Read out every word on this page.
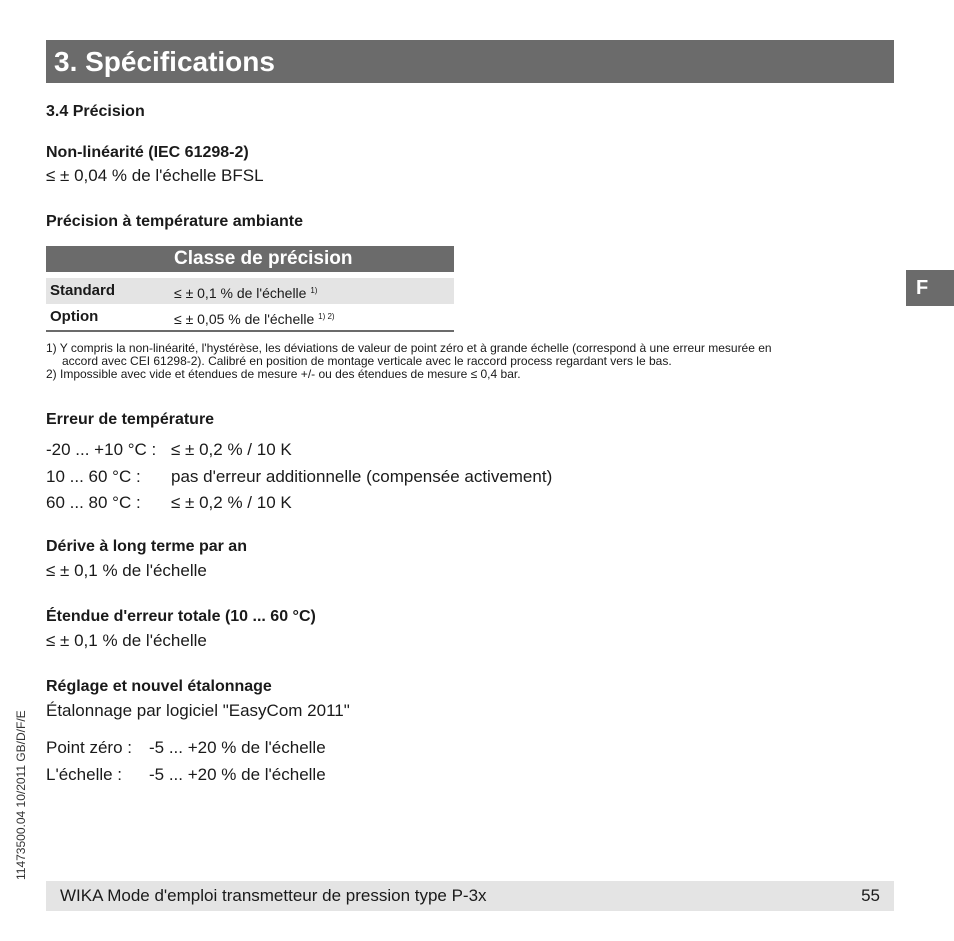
3. Spécifications
F
3.4 Précision
Non-linéarité (IEC 61298-2)
≤ ± 0,04 % de l'échelle BFSL
Précision à température ambiante
Classe de précision
Standard	≤ ± 0,1 % de l'échelle $^{1)}$
Option	≤ ± 0,05 % de l'échelle $^{1) 2)}$
1) Y compris la non-linéarité, l'hystérèse, les déviations de valeur de point zéro et à grande échelle (correspond à une erreur mesurée en
accord avec CEI 61298-2). Calibré en position de montage verticale avec le raccord process regardant vers le bas.
2) Impossible avec vide et étendues de mesure +/- ou des étendues de mesure ≤ 0,4 bar.
Erreur de température
-20 ... +10 °C : ≤ ± 0,2 % / 10 K
10 ... 60 °C : pas d'erreur additionnelle (compensée activement)
60 ... 80 °C : ≤ ± 0,2 % / 10 K
Dérive à long terme par an
≤ ± 0,1 % de l'échelle
Étendue d'erreur totale (10 ... 60 °C)
≤ ± 0,1 % de l'échelle
Réglage et nouvel étalonnage
Étalonnage par logiciel "EasyCom 2011"
Point zéro : -5 ... +20 % de l'échelle
L'échelle : -5 ... +20 % de l'échelle
11473500.04 10/2011 GB/D/F/E
WIKA Mode d'emploi transmetteur de pression type P-3x	55
